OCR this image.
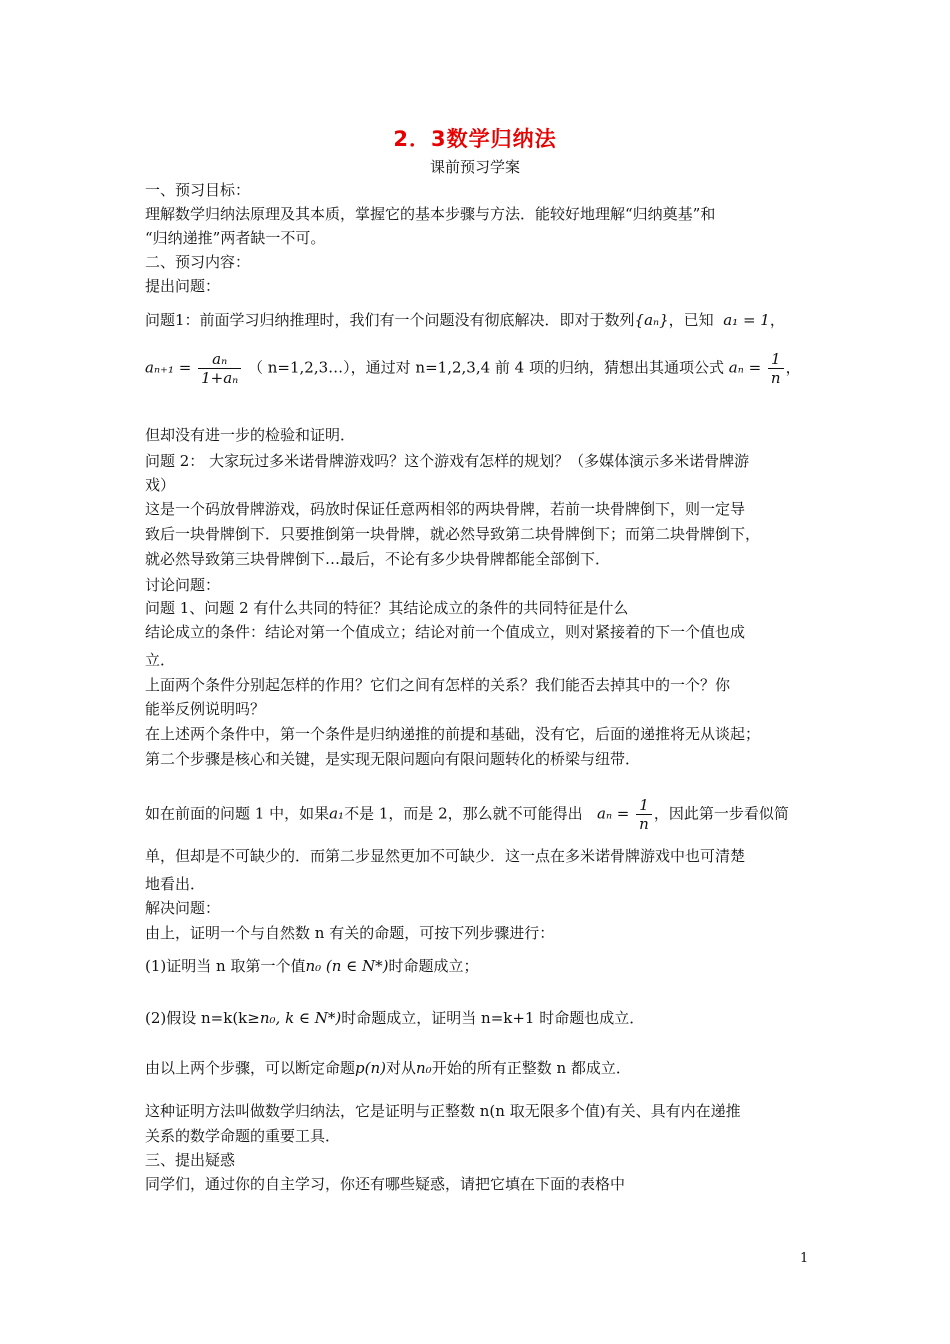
2．3数学归纳法
课前预习学案
一、预习目标：
理解数学归纳法原理及其本质，掌握它的基本步骤与方法．能较好地理解“归纳奠基”和
“归纳递推”两者缺一不可。
二、预习内容：
提出问题：
问题1：前面学习归纳推理时，我们有一个问题没有彻底解决．即对于数列{aₙ}，已知 a₁ = 1，
$a_{n+1} = \frac{\text{aₙ}}{\text{1+aₙ}}$ （ n=1,2,3…），通过对 n=1,2,3,4 前 4 项的归纳，猜想出其通项公式 $a_n = \frac{1}{n}$ ，
但却没有进一步的检验和证明．
问题 2： 大家玩过多米诺骨牌游戏吗？这个游戏有怎样的规划？（多媒体演示多米诺骨牌游
戏）
这是一个码放骨牌游戏，码放时保证任意两相邻的两块骨牌，若前一块骨牌倒下，则一定导
致后一块骨牌倒下．只要推倒第一块骨牌，就必然导致第二块骨牌倒下；而第二块骨牌倒下，
就必然导致第三块骨牌倒下…最后，不论有多少块骨牌都能全部倒下．
讨论问题：
问题 1、问题 2 有什么共同的特征？其结论成立的条件的共同特征是什么
结论成立的条件：结论对第一个值成立；结论对前一个值成立，则对紧接着的下一个值也成
立．
上面两个条件分别起怎样的作用？它们之间有怎样的关系？我们能否去掉其中的一个？你
能举反例说明吗？
在上述两个条件中，第一个条件是归纳递推的前提和基础，没有它，后面的递推将无从谈起；
第二个步骤是核心和关键，是实现无限问题向有限问题转化的桥梁与纽带．
如在前面的问题 1 中，如果a₁不是 1，而是 2，那么就不可能得出 $a_n = \frac{1}{n}$ ，因此第一步看似简
单，但却是不可缺少的．而第二步显然更加不可缺少．这一点在多米诺骨牌游戏中也可清楚
地看出．
解决问题：
由上，证明一个与自然数 n 有关的命题，可按下列步骤进行：
(1)证明当 n 取第一个值n₀ (n ∈ N*)时命题成立；
(2)假设 n=k(k≥n₀, k ∈ N*)时命题成立，证明当 n=k+1 时命题也成立．
由以上两个步骤，可以断定命题p(n)对从n₀开始的所有正整数 n 都成立．
这种证明方法叫做数学归纳法，它是证明与正整数 n(n 取无限多个值)有关、具有内在递推
关系的数学命题的重要工具．
三、提出疑惑
同学们，通过你的自主学习，你还有哪些疑惑，请把它填在下面的表格中
1
